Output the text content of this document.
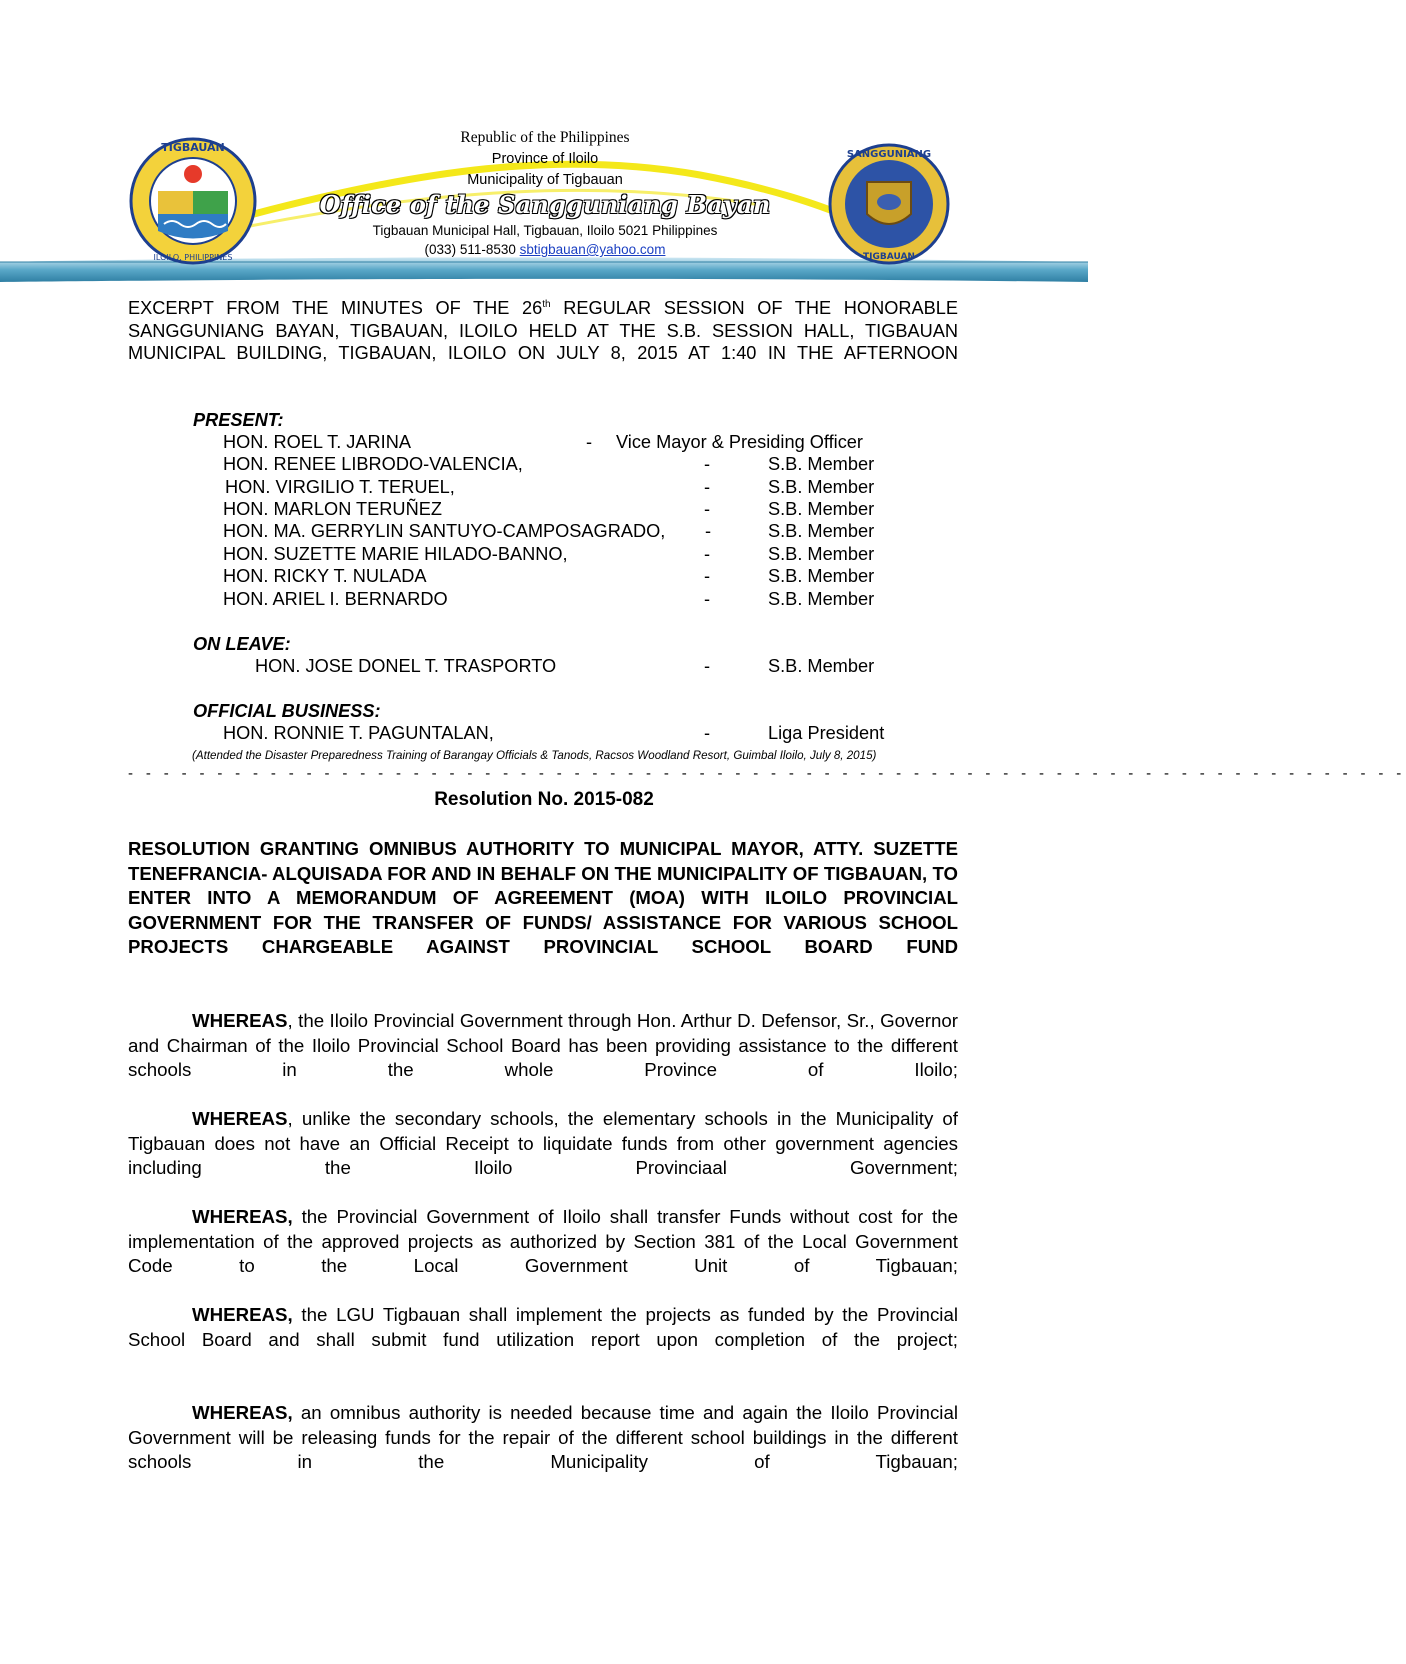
TIGBAUAN
ILOILO, PHILIPPINES
SANGGUNIANG
TIGBAUAN
Republic of the Philippines
Province of Iloilo
Municipality of Tigbauan
Office of the Sangguniang Bayan
Tigbauan Municipal Hall, Tigbauan, Iloilo 5021 Philippines
(033) 511-8530 sbtigbauan@yahoo.com
EXCERPT FROM THE MINUTES OF THE 26th REGULAR SESSION OF THE HONORABLE SANGGUNIANG BAYAN, TIGBAUAN, ILOILO HELD AT THE S.B. SESSION HALL, TIGBAUAN MUNICIPAL BUILDING, TIGBAUAN, ILOILO ON JULY 8, 2015 AT 1:40 IN THE AFTERNOON
PRESENT:
HON. ROEL T. JARINA	- Vice Mayor & Presiding Officer
HON. RENEE LIBRODO-VALENCIA,	-	S.B. Member
HON. VIRGILIO T. TERUEL,	-	S.B. Member
HON. MARLON TERUÑEZ	-	S.B. Member
HON. MA. GERRYLIN SANTUYO-CAMPOSAGRADO, -	S.B. Member
HON. SUZETTE MARIE HILADO-BANNO,	-	S.B. Member
HON. RICKY T. NULADA	-	S.B. Member
HON. ARIEL I. BERNARDO	-	S.B. Member
ON LEAVE:
HON. JOSE DONEL T. TRASPORTO	-	S.B. Member
OFFICIAL BUSINESS:
HON. RONNIE T. PAGUNTALAN,	-	Liga President
(Attended the Disaster Preparedness Training of Barangay Officials & Tanods, Racsos Woodland Resort, Guimbal Iloilo, July 8, 2015)
- - - - - - - - - - - - - - - - - - - - - - - - - - - - - - - - - - - - - - - - - - - - - - - - - - - - - - - - - - - - - - - - - - - - - - - -
Resolution No. 2015-082
RESOLUTION GRANTING OMNIBUS AUTHORITY TO MUNICIPAL MAYOR, ATTY. SUZETTE TENEFRANCIA- ALQUISADA FOR AND IN BEHALF ON THE MUNICIPALITY OF TIGBAUAN, TO ENTER INTO A MEMORANDUM OF AGREEMENT (MOA) WITH ILOILO PROVINCIAL GOVERNMENT FOR THE TRANSFER OF FUNDS/ ASSISTANCE FOR VARIOUS SCHOOL PROJECTS CHARGEABLE AGAINST PROVINCIAL SCHOOL BOARD FUND
WHEREAS, the Iloilo Provincial Government through Hon. Arthur D. Defensor, Sr., Governor and Chairman of the Iloilo Provincial School Board has been providing assistance to the different schools in the whole Province of Iloilo;
WHEREAS, unlike the secondary schools, the elementary schools in the Municipality of Tigbauan does not have an Official Receipt to liquidate funds from other government agencies including the Iloilo Provinciaal Government;
WHEREAS, the Provincial Government of Iloilo shall transfer Funds without cost for the implementation of the approved projects as authorized by Section 381 of the Local Government Code to the Local Government Unit of Tigbauan;
WHEREAS, the LGU Tigbauan shall implement the projects as funded by the Provincial School Board and shall submit fund utilization report upon completion of the project;
WHEREAS, an omnibus authority is needed because time and again the Iloilo Provincial Government will be releasing funds for the repair of the different school buildings in the different schools in the Municipality of Tigbauan;
